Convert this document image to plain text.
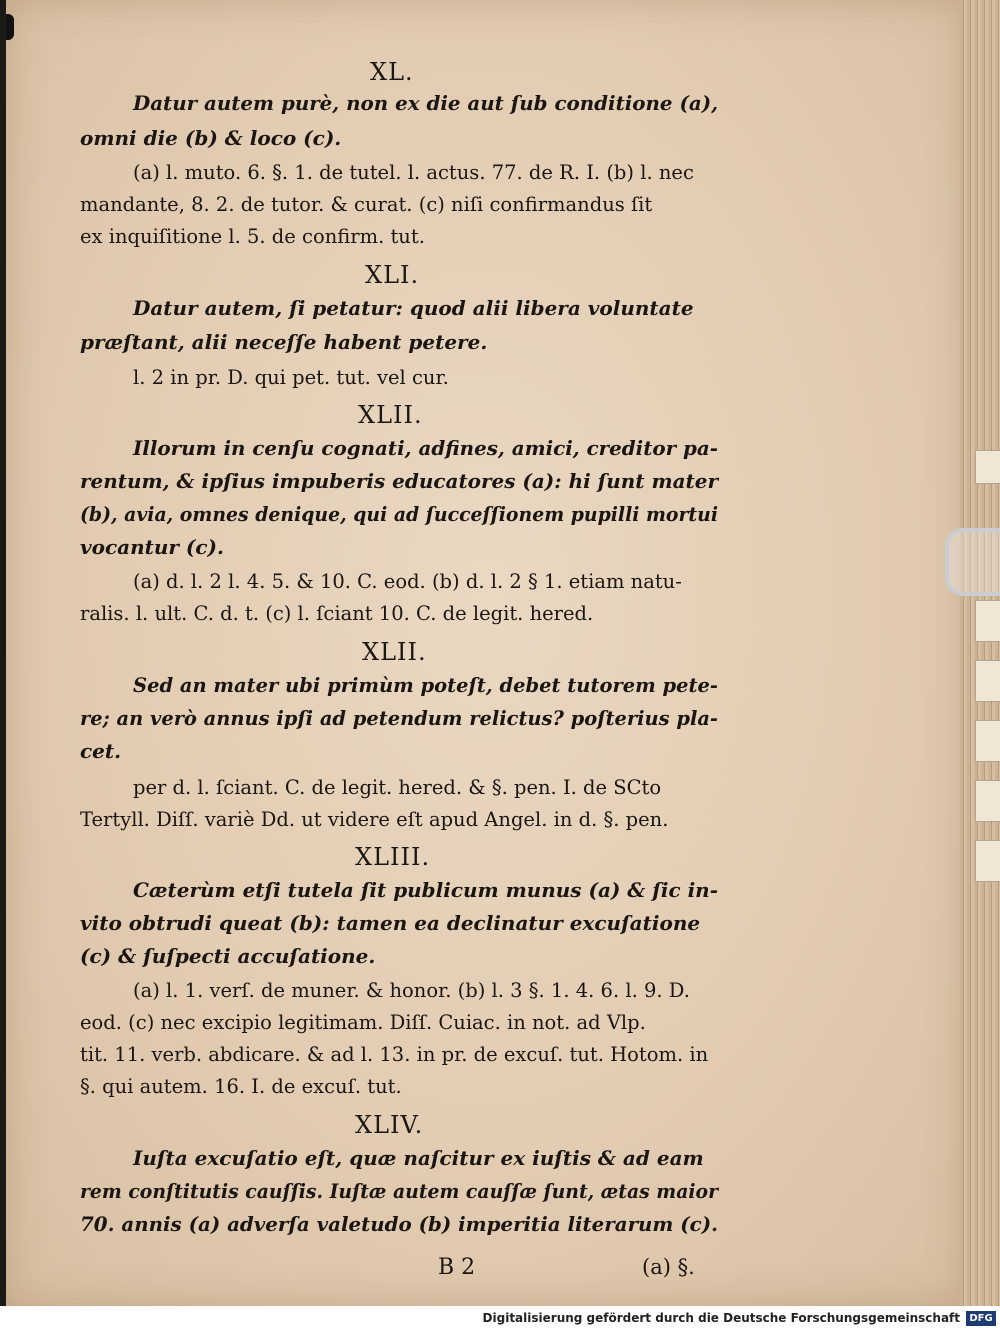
XL.
Datur autem purè, non ex die aut ſub conditione (a),
omni die (b) & loco (c).
(a) l. muto. 6. §. 1. de tutel. l. actus. 77. de R. I. (b) l. nec
mandante, 8. 2. de tutor. & curat. (c) niſi confirmandus ſit
ex inquiſitione l. 5. de confirm. tut.
XLI.
Datur autem, ſi petatur: quod alii libera voluntate
præſtant, alii neceſſe habent petere.
l. 2 in pr. D. qui pet. tut. vel cur.
XLII.
Illorum in cenſu cognati, adfines, amici, creditor pa-
rentum, & ipſius impuberis educatores (a): hi ſunt mater
(b), avia, omnes denique, qui ad ſucceſſionem pupilli mortui
vocantur (c).
(a) d. l. 2 l. 4. 5. & 10. C. eod. (b) d. l. 2 § 1. etiam natu-
ralis. l. ult. C. d. t. (c) l. ſciant 10. C. de legit. hered.
XLII.
Sed an mater ubi primùm poteſt, debet tutorem pete-
re; an verò annus ipſi ad petendum relictus? poſterius pla-
cet.
per d. l. ſciant. C. de legit. hered. & §. pen. I. de SCto
Tertyll. Diſſ. variè Dd. ut videre eſt apud Angel. in d. §. pen.
XLIII.
Cæterùm etſi tutela ſit publicum munus (a) & ſic in-
vito obtrudi queat (b): tamen ea declinatur excuſatione
(c) & ſuſpecti accuſatione.
(a) l. 1. verſ. de muner. & honor. (b) l. 3 §. 1. 4. 6. l. 9. D.
eod. (c) nec excipio legitimam. Diſſ. Cuiac. in not. ad Vlp.
tit. 11. verb. abdicare. & ad l. 13. in pr. de excuſ. tut. Hotom. in
§. qui autem. 16. I. de excuſ. tut.
XLIV.
Iuſta excuſatio eſt, quæ naſcitur ex iuſtis & ad eam
rem conſtitutis cauſſis. Iuſtæ autem cauſſæ ſunt, ætas maior
70. annis (a) adverſa valetudo (b) imperitia literarum (c).
B 2	(a) §.
Digitalisierung gefördert durch die Deutsche Forschungsgemeinschaft DFG
